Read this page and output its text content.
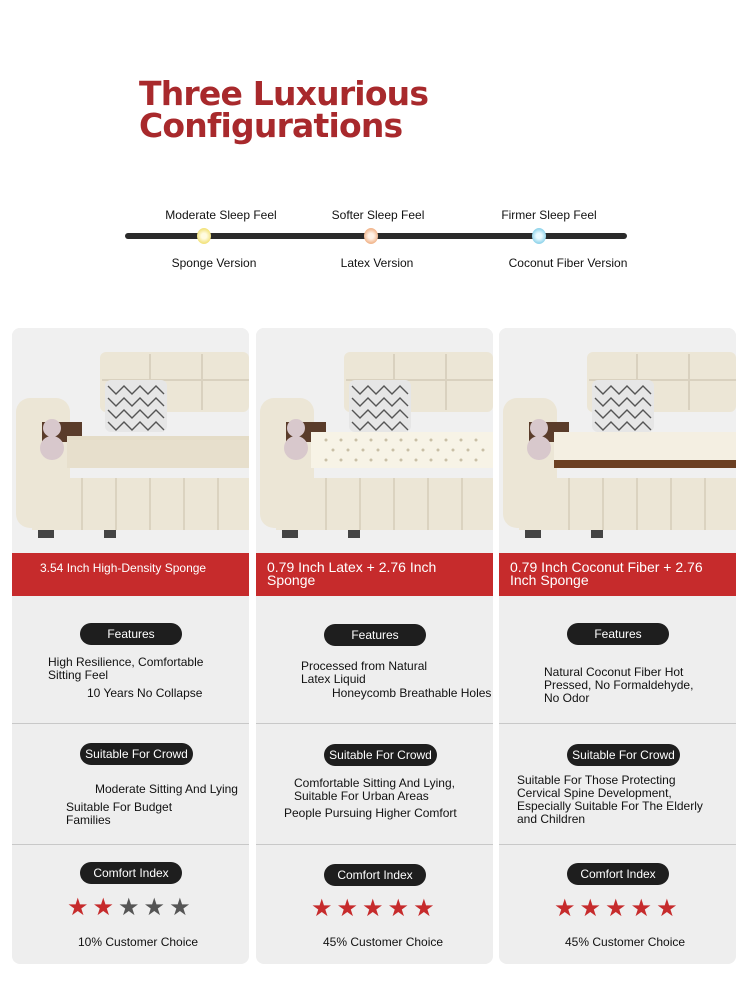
Three Luxurious
Configurations
Moderate Sleep Feel
Sponge Version
Softer Sleep Feel
Latex Version
Firmer Sleep Feel
Coconut Fiber Version
3.54 Inch High-Density Sponge
Features
High Resilience, Comfortable Sitting Feel
10 Years No Collapse
Suitable For Crowd
Moderate Sitting And Lying
Suitable For Budget Families
Comfort Index
★ ★ ★ ★ ★
10% Customer Choice
0.79 Inch Latex + 2.76 Inch Sponge
Features
Processed from Natural Latex Liquid
Honeycomb Breathable Holes
Suitable For Crowd
Comfortable Sitting And Lying, Suitable For Urban Areas
People Pursuing Higher Comfort
Comfort Index
★ ★ ★ ★ ★
45% Customer Choice
0.79 Inch Coconut Fiber + 2.76 Inch Sponge
Features
Natural Coconut Fiber Hot Pressed, No Formaldehyde, No Odor
Suitable For Crowd
Suitable For Those Protecting Cervical Spine Development, Especially Suitable For The Elderly and Children
Comfort Index
★ ★ ★ ★ ★
45% Customer Choice
